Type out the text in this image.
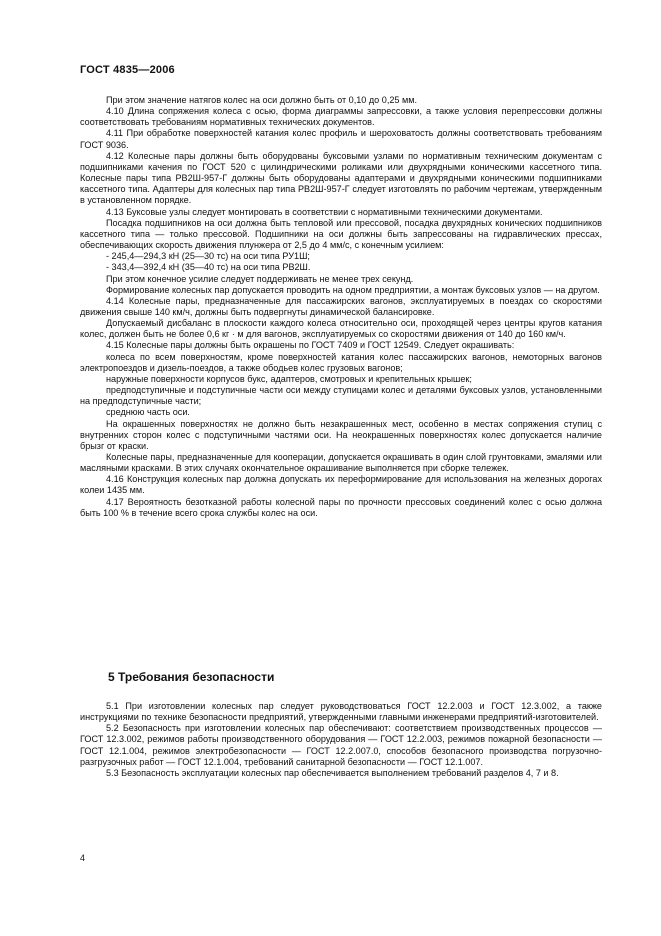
ГОСТ 4835—2006

При этом значение натягов колес на оси должно быть от 0,10 до 0,25 мм.

4.10 Длина сопряжения колеса с осью, форма диаграммы запрессовки, а также условия перепрессовки должны соответствовать требованиям нормативных технических документов.

4.11 При обработке поверхностей катания колес профиль и шероховатость должны соответствовать требованиям ГОСТ 9036.

4.12 Колесные пары должны быть оборудованы буксовыми узлами по нормативным техническим документам с подшипниками качения по ГОСТ 520 с цилиндрическими роликами или двухрядными коническими кассетного типа. Колесные пары типа РВ2Ш-957-Г должны быть оборудованы адаптерами и двухрядными коническими подшипниками кассетного типа. Адаптеры для колесных пар типа РВ2Ш-957-Г следует изготовлять по рабочим чертежам, утвержденным в установленном порядке.

4.13 Буксовые узлы следует монтировать в соответствии с нормативными техническими документами.

Посадка подшипников на оси должна быть тепловой или прессовой, посадка двухрядных конических подшипников кассетного типа — только прессовой. Подшипники на оси должны быть запрессованы на гидравлических прессах, обеспечивающих скорость движения плунжера от 2,5 до 4 мм/с, с конечным усилием:

- 245,4—294,3 кН (25—30 тс) на оси типа РУ1Ш;

- 343,4—392,4 кН (35—40 тс) на оси типа РВ2Ш.

При этом конечное усилие следует поддерживать не менее трех секунд.

Формирование колесных пар допускается проводить на одном предприятии, а монтаж буксовых узлов — на другом.

4.14 Колесные пары, предназначенные для пассажирских вагонов, эксплуатируемых в поездах со скоростями движения свыше 140 км/ч, должны быть подвергнуты динамической балансировке.

Допускаемый дисбаланс в плоскости каждого колеса относительно оси, проходящей через центры кругов катания колес, должен быть не более 0,6 кг · м для вагонов, эксплуатируемых со скоростями движения от 140 до 160 км/ч.

4.15 Колесные пары должны быть окрашены по ГОСТ 7409 и ГОСТ 12549. Следует окрашивать:

колеса по всем поверхностям, кроме поверхностей катания колес пассажирских вагонов, немоторных вагонов электропоездов и дизель-поездов, а также ободьев колес грузовых вагонов;

наружные поверхности корпусов букс, адаптеров, смотровых и крепительных крышек;

предподступичные и подступичные части оси между ступицами колес и деталями буксовых узлов, установленными на предподступичные части;

среднюю часть оси.

На окрашенных поверхностях не должно быть незакрашенных мест, особенно в местах сопряжения ступиц с внутренних сторон колес с подступичными частями оси. На неокрашенных поверхностях колес допускается наличие брызг от краски.

Колесные пары, предназначенные для кооперации, допускается окрашивать в один слой грунтовками, эмалями или масляными красками. В этих случаях окончательное окрашивание выполняется при сборке тележек.

4.16 Конструкция колесных пар должна допускать их переформирование для использования на железных дорогах колеи 1435 мм.

4.17 Вероятность безотказной работы колесной пары по прочности прессовых соединений колес с осью должна быть 100 % в течение всего срока службы колес на оси.

5 Требования безопасности

5.1 При изготовлении колесных пар следует руководствоваться ГОСТ 12.2.003 и ГОСТ 12.3.002, а также инструкциями по технике безопасности предприятий, утвержденными главными инженерами предприятий-изготовителей.

5.2 Безопасность при изготовлении колесных пар обеспечивают: соответствием производственных процессов — ГОСТ 12.3.002, режимов работы производственного оборудования — ГОСТ 12.2.003, режимов пожарной безопасности — ГОСТ 12.1.004, режимов электробезопасности — ГОСТ 12.2.007.0, способов безопасного производства погрузочно-разгрузочных работ — ГОСТ 12.1.004, требований санитарной безопасности — ГОСТ 12.1.007.

5.3 Безопасность эксплуатации колесных пар обеспечивается выполнением требований разделов 4, 7 и 8.

4
